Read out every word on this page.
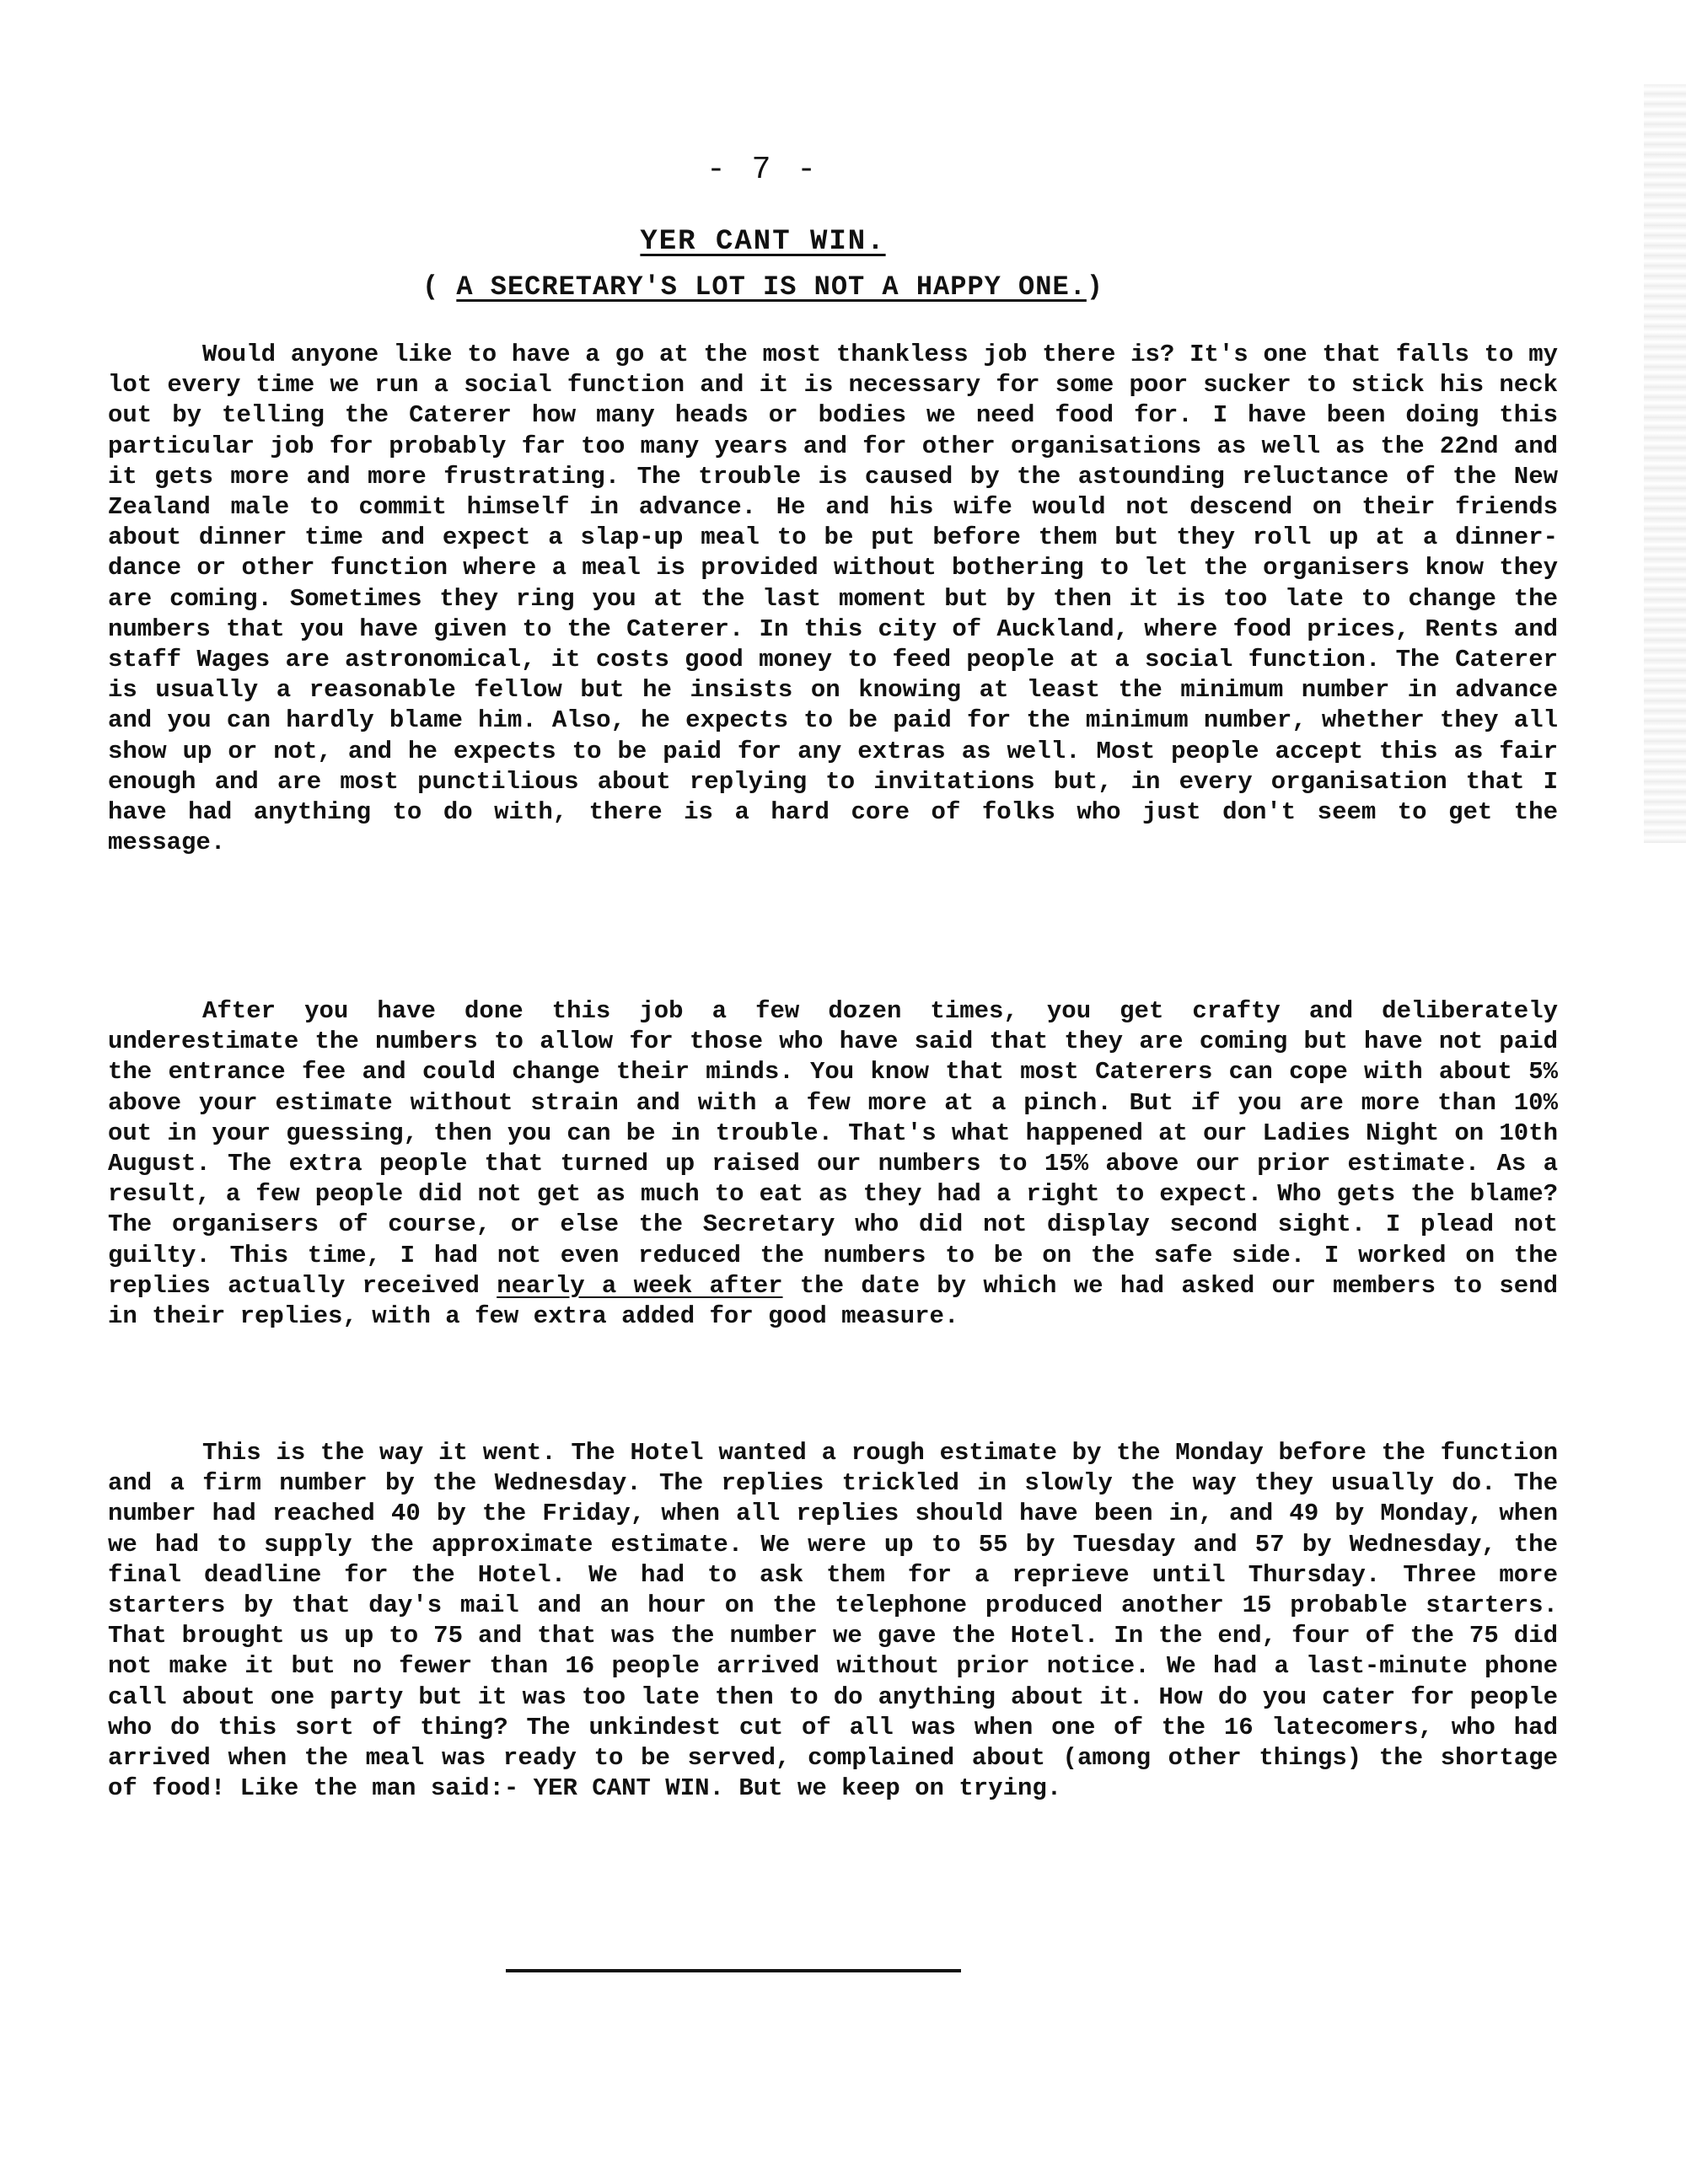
- 7 -
YER CANT WIN.
( A SECRETARY'S LOT IS NOT A HAPPY ONE.)

Would anyone like to have a go at the most thankless job there is? It's one that falls to my lot every time we run a social function and it is necessary for some poor sucker to stick his neck out by telling the Caterer how many heads or bodies we need food for. I have been doing this particular job for probably far too many years and for other organisations as well as the 22nd and it gets more and more frustrating. The trouble is caused by the astounding reluctance of the New Zealand male to commit himself in advance. He and his wife would not descend on their friends about dinner time and expect a slap-up meal to be put before them but they roll up at a dinner-dance or other function where a meal is provided without bothering to let the organisers know they are coming. Sometimes they ring you at the last moment but by then it is too late to change the numbers that you have given to the Caterer. In this city of Auckland, where food prices, Rents and staff Wages are astronomical, it costs good money to feed people at a social function. The Caterer is usually a reasonable fellow but he insists on knowing at least the minimum number in advance and you can hardly blame him. Also, he expects to be paid for the minimum number, whether they all show up or not, and he expects to be paid for any extras as well. Most people accept this as fair enough and are most punctilious about replying to invitations but, in every organisation that I have had anything to do with, there is a hard core of folks who just don't seem to get the message.

After you have done this job a few dozen times, you get crafty and deliberately underestimate the numbers to allow for those who have said that they are coming but have not paid the entrance fee and could change their minds. You know that most Caterers can cope with about 5% above your estimate without strain and with a few more at a pinch. But if you are more than 10% out in your guessing, then you can be in trouble. That's what happened at our Ladies Night on 10th August. The extra people that turned up raised our numbers to 15% above our prior estimate. As a result, a few people did not get as much to eat as they had a right to expect. Who gets the blame? The organisers of course, or else the Secretary who did not display second sight. I plead not guilty. This time, I had not even reduced the numbers to be on the safe side. I worked on the replies actually received nearly a week after the date by which we had asked our members to send in their replies, with a few extra added for good measure.

This is the way it went. The Hotel wanted a rough estimate by the Monday before the function and a firm number by the Wednesday. The replies trickled in slowly the way they usually do. The number had reached 40 by the Friday, when all replies should have been in, and 49 by Monday, when we had to supply the approximate estimate. We were up to 55 by Tuesday and 57 by Wednesday, the final deadline for the Hotel. We had to ask them for a reprieve until Thursday. Three more starters by that day's mail and an hour on the telephone produced another 15 probable starters. That brought us up to 75 and that was the number we gave the Hotel. In the end, four of the 75 did not make it but no fewer than 16 people arrived without prior notice. We had a last-minute phone call about one party but it was too late then to do anything about it. How do you cater for people who do this sort of thing? The unkindest cut of all was when one of the 16 latecomers, who had arrived when the meal was ready to be served, complained about (among other things) the shortage of food! Like the man said:- YER CANT WIN. But we keep on trying.
